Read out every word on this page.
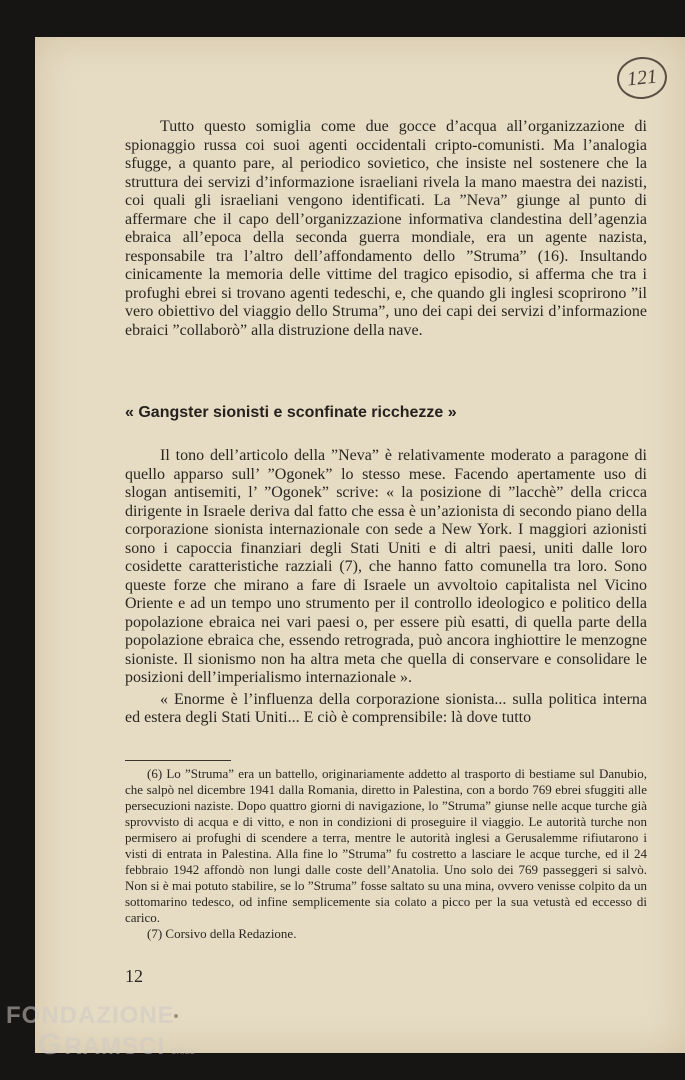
121

Tutto questo somiglia come due gocce d’acqua all’organizzazione di spionaggio russa coi suoi agenti occidentali cripto-comunisti. Ma l’analogia sfugge, a quanto pare, al periodico sovietico, che insiste nel sostenere che la struttura dei servizi d’informazione israeliani rivela la mano maestra dei nazisti, coi quali gli israeliani vengono identificati. La ”Neva” giunge al punto di affermare che il capo dell’organizzazione informativa clandestina dell’agenzia ebraica all’epoca della seconda guerra mondiale, era un agente nazista, responsabile tra l’altro dell’affondamento dello ”Struma” (16). Insultando cinicamente la memoria delle vittime del tragico episodio, si afferma che tra i profughi ebrei si trovano agenti tedeschi, e, che quando gli inglesi scoprirono ”il vero obiettivo del viaggio dello Struma”, uno dei capi dei servizi d’informazione ebraici ”collaborò” alla distruzione della nave.

« Gangster sionisti e sconfinate ricchezze »

Il tono dell’articolo della ”Neva” è relativamente moderato a paragone di quello apparso sull’ ”Ogonek” lo stesso mese. Facendo apertamente uso di slogan antisemiti, l’ ”Ogonek” scrive: « la posizione di ”lacchè” della cricca dirigente in Israele deriva dal fatto che essa è un’azionista di secondo piano della corporazione sionista internazionale con sede a New York. I maggiori azionisti sono i capoccia finanziari degli Stati Uniti e di altri paesi, uniti dalle loro cosidette caratteristiche razziali (7), che hanno fatto comunella tra loro. Sono queste forze che mirano a fare di Israele un avvoltoio capitalista nel Vicino Oriente e ad un tempo uno strumento per il controllo ideologico e politico della popolazione ebraica nei vari paesi o, per essere più esatti, di quella parte della popolazione ebraica che, essendo retrograda, può ancora inghiottire le menzogne sioniste. Il sionismo non ha altra meta che quella di conservare e consolidare le posizioni dell’imperialismo internazionale ».

« Enorme è l’influenza della corporazione sionista... sulla politica interna ed estera degli Stati Uniti... E ciò è comprensibile: là dove tutto

(6) Lo ”Struma” era un battello, originariamente addetto al trasporto di bestiame sul Danubio, che salpò nel dicembre 1941 dalla Romania, diretto in Palestina, con a bordo 769 ebrei sfuggiti alle persecuzioni naziste. Dopo quattro giorni di navigazione, lo ”Struma” giunse nelle acque turche già sprovvisto di acqua e di vitto, e non in condizioni di proseguire il viaggio. Le autorità turche non permisero ai profughi di scendere a terra, mentre le autorità inglesi a Gerusalemme rifiutarono i visti di entrata in Palestina. Alla fine lo ”Struma” fu costretto a lasciare le acque turche, ed il 24 febbraio 1942 affondò non lungi dalle coste dell’Anatolia. Uno solo dei 769 passeggeri si salvò. Non si è mai potuto stabilire, se lo ”Struma” fosse saltato su una mina, ovvero venisse colpito da un sottomarino tedesco, od infine semplicemente sia colato a picco per la sua vetustà ed eccesso di carico.

(7) Corsivo della Redazione.

12
FONDAZIONE
GRAMSCI onlus
